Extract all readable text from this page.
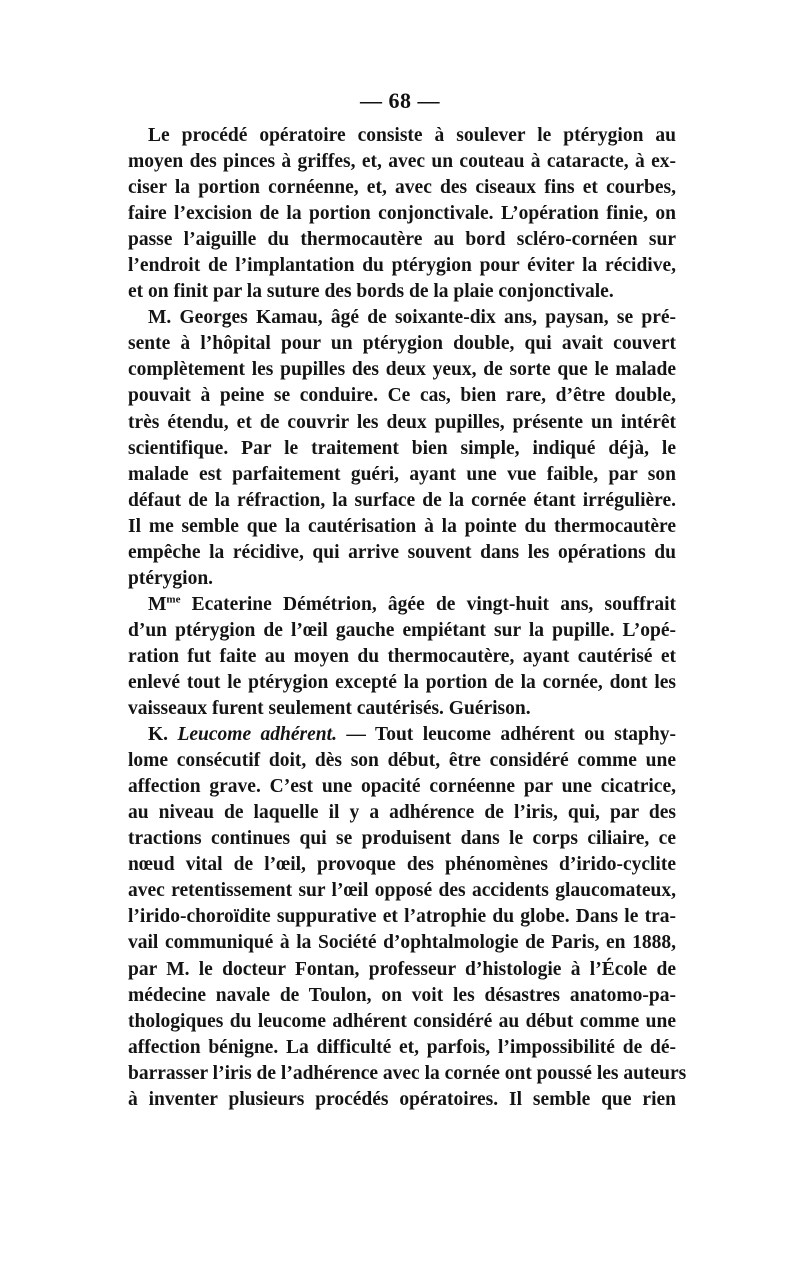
— 68 —
Le procédé opératoire consiste à soulever le ptérygion au
moyen des pinces à griffes, et, avec un couteau à cataracte, à ex-
ciser la portion cornéenne, et, avec des ciseaux fins et courbes,
faire l’excision de la portion conjonctivale. L’opération finie, on
passe l’aiguille du thermocautère au bord scléro-cornéen sur
l’endroit de l’implantation du ptérygion pour éviter la récidive,
et on finit par la suture des bords de la plaie conjonctivale.
M. Georges Kamau, âgé de soixante-dix ans, paysan, se pré-
sente à l’hôpital pour un ptérygion double, qui avait couvert
complètement les pupilles des deux yeux, de sorte que le malade
pouvait à peine se conduire. Ce cas, bien rare, d’être double,
très étendu, et de couvrir les deux pupilles, présente un intérêt
scientifique. Par le traitement bien simple, indiqué déjà, le
malade est parfaitement guéri, ayant une vue faible, par son
défaut de la réfraction, la surface de la cornée étant irrégulière.
Il me semble que la cautérisation à la pointe du thermocautère
empêche la récidive, qui arrive souvent dans les opérations du
ptérygion.
$M^{me}$ Ecaterine Démétrion, âgée de vingt-huit ans, souffrait
d’un ptérygion de l’œil gauche empiétant sur la pupille. L’opé-
ration fut faite au moyen du thermocautère, ayant cautérisé et
enlevé tout le ptérygion excepté la portion de la cornée, dont les
vaisseaux furent seulement cautérisés. Guérison.
K. Leucome adhérent. — Tout leucome adhérent ou staphy-
lome consécutif doit, dès son début, être considéré comme une
affection grave. C’est une opacité cornéenne par une cicatrice,
au niveau de laquelle il y a adhérence de l’iris, qui, par des
tractions continues qui se produisent dans le corps ciliaire, ce
nœud vital de l’œil, provoque des phénomènes d’irido-cyclite
avec retentissement sur l’œil opposé des accidents glaucomateux,
l’irido-choroïdite suppurative et l’atrophie du globe. Dans le tra-
vail communiqué à la Société d’ophtalmologie de Paris, en 1888,
par M. le docteur Fontan, professeur d’histologie à l’École de
médecine navale de Toulon, on voit les désastres anatomo-pa-
thologiques du leucome adhérent considéré au début comme une
affection bénigne. La difficulté et, parfois, l’impossibilité de dé-
barrasser l’iris de l’adhérence avec la cornée ont poussé les auteurs
à inventer plusieurs procédés opératoires. Il semble que rien
